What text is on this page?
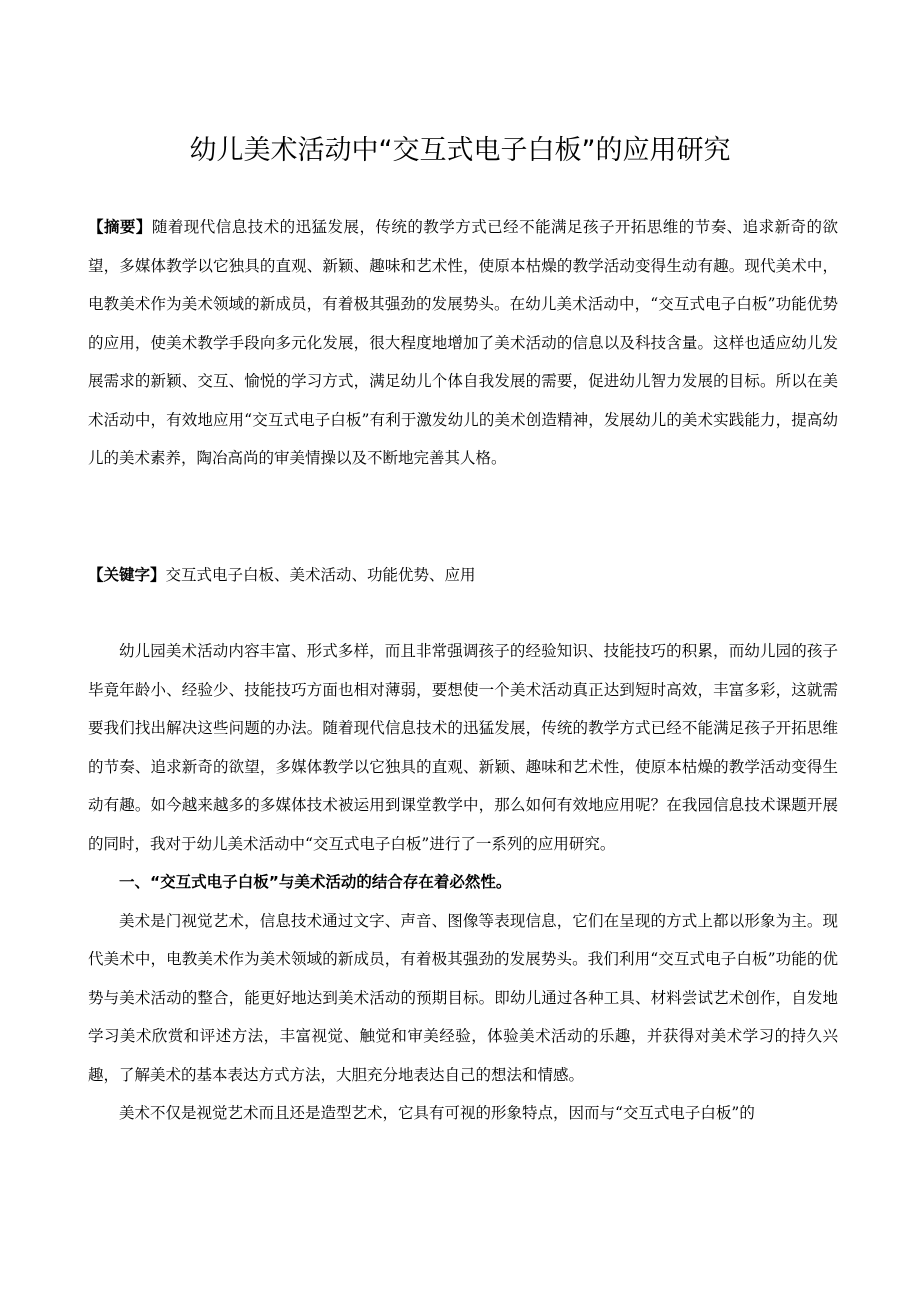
幼儿美术活动中“交互式电子白板”的应用研究
【摘要】随着现代信息技术的迅猛发展，传统的教学方式已经不能满足孩子开拓思维的节奏、追求新奇的欲望，多媒体教学以它独具的直观、新颖、趣味和艺术性，使原本枯燥的教学活动变得生动有趣。现代美术中，电教美术作为美术领域的新成员，有着极其强劲的发展势头。在幼儿美术活动中，“交互式电子白板”功能优势的应用，使美术教学手段向多元化发展，很大程度地增加了美术活动的信息以及科技含量。这样也适应幼儿发展需求的新颖、交互、愉悦的学习方式，满足幼儿个体自我发展的需要，促进幼儿智力发展的目标。所以在美术活动中，有效地应用“交互式电子白板”有利于激发幼儿的美术创造精神，发展幼儿的美术实践能力，提高幼儿的美术素养，陶冶高尚的审美情操以及不断地完善其人格。
【关键字】交互式电子白板、美术活动、功能优势、应用

幼儿园美术活动内容丰富、形式多样，而且非常强调孩子的经验知识、技能技巧的积累，而幼儿园的孩子毕竟年龄小、经验少、技能技巧方面也相对薄弱，要想使一个美术活动真正达到短时高效，丰富多彩，这就需要我们找出解决这些问题的办法。随着现代信息技术的迅猛发展，传统的教学方式已经不能满足孩子开拓思维的节奏、追求新奇的欲望，多媒体教学以它独具的直观、新颖、趣味和艺术性，使原本枯燥的教学活动变得生动有趣。如今越来越多的多媒体技术被运用到课堂教学中，那么如何有效地应用呢？在我园信息技术课题开展的同时，我对于幼儿美术活动中“交互式电子白板”进行了一系列的应用研究。

一、“交互式电子白板”与美术活动的结合存在着必然性。

美术是门视觉艺术，信息技术通过文字、声音、图像等表现信息，它们在呈现的方式上都以形象为主。现代美术中，电教美术作为美术领域的新成员，有着极其强劲的发展势头。我们利用“交互式电子白板”功能的优势与美术活动的整合，能更好地达到美术活动的预期目标。即幼儿通过各种工具、材料尝试艺术创作，自发地学习美术欣赏和评述方法，丰富视觉、触觉和审美经验，体验美术活动的乐趣，并获得对美术学习的持久兴趣，了解美术的基本表达方式方法，大胆充分地表达自己的想法和情感。

美术不仅是视觉艺术而且还是造型艺术，它具有可视的形象特点，因而与“交互式电子白板”的
